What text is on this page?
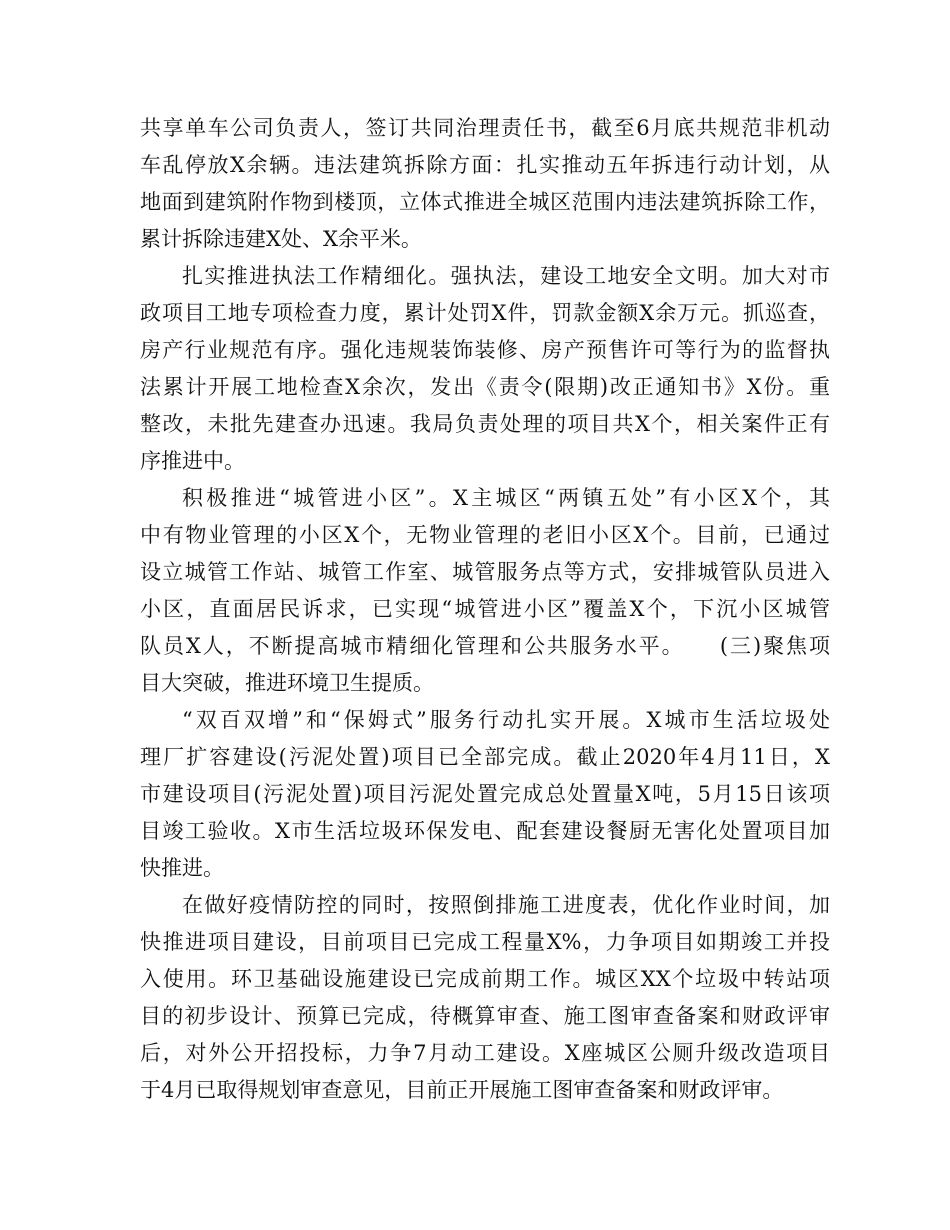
共享单车公司负责人，签订共同治理责任书，截至6月底共规范非机动
车乱停放X余辆。违法建筑拆除方面：扎实推动五年拆违行动计划，从
地面到建筑附作物到楼顶，立体式推进全城区范围内违法建筑拆除工作，
累计拆除违建X处、X余平米。
扎实推进执法工作精细化。强执法，建设工地安全文明。加大对市
政项目工地专项检查力度，累计处罚X件，罚款金额X余万元。抓巡查，
房产行业规范有序。强化违规装饰装修、房产预售许可等行为的监督执
法累计开展工地检查X余次，发出《责令(限期)改正通知书》X份。重
整改，未批先建查办迅速。我局负责处理的项目共X个，相关案件正有
序推进中。
积极推进“城管进小区”。X主城区“两镇五处”有小区X个，其
中有物业管理的小区X个，无物业管理的老旧小区X个。目前，已通过
设立城管工作站、城管工作室、城管服务点等方式，安排城管队员进入
小区，直面居民诉求，已实现“城管进小区”覆盖X个，下沉小区城管
队员X人，不断提高城市精细化管理和公共服务水平。　　(三)聚焦项
目大突破，推进环境卫生提质。
“双百双增”和“保姆式”服务行动扎实开展。X城市生活垃圾处
理厂扩容建设(污泥处置)项目已全部完成。截止2020年4月11日，X
市建设项目(污泥处置)项目污泥处置完成总处置量X吨，5月15日该项
目竣工验收。X市生活垃圾环保发电、配套建设餐厨无害化处置项目加
快推进。
在做好疫情防控的同时，按照倒排施工进度表，优化作业时间，加
快推进项目建设，目前项目已完成工程量X%，力争项目如期竣工并投
入使用。环卫基础设施建设已完成前期工作。城区XX个垃圾中转站项
目的初步设计、预算已完成，待概算审查、施工图审查备案和财政评审
后，对外公开招投标，力争7月动工建设。X座城区公厕升级改造项目
于4月已取得规划审查意见，目前正开展施工图审查备案和财政评审。
